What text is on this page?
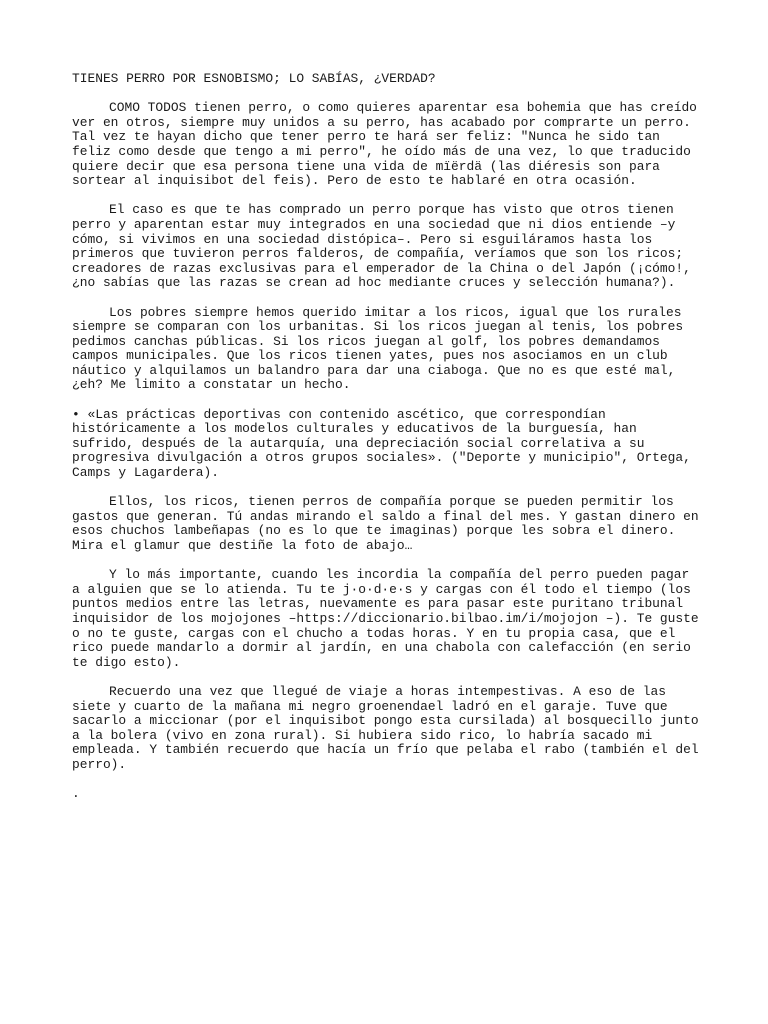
TIENES PERRO POR ESNOBISMO; LO SABÍAS, ¿VERDAD?

COMO TODOS tienen perro, o como quieres aparentar esa bohemia que has creído ver en otros, siempre muy unidos a su perro, has acabado por comprarte un perro. Tal vez te hayan dicho que tener perro te hará ser feliz: "Nunca he sido tan feliz como desde que tengo a mi perro", he oído más de una vez, lo que traducido quiere decir que esa persona tiene una vida de mïërdä (las diéresis son para sortear al inquisibot del feis). Pero de esto te hablaré en otra ocasión.

El caso es que te has comprado un perro porque has visto que otros tienen perro y aparentan estar muy integrados en una sociedad que ni dios entiende –y cómo, si vivimos en una sociedad distópica–. Pero si esguiláramos hasta los primeros que tuvieron perros falderos, de compañía, veríamos que son los ricos; creadores de razas exclusivas para el emperador de la China o del Japón (¡cómo!, ¿no sabías que las razas se crean ad hoc mediante cruces y selección humana?).

Los pobres siempre hemos querido imitar a los ricos, igual que los rurales siempre se comparan con los urbanitas. Si los ricos juegan al tenis, los pobres pedimos canchas públicas. Si los ricos juegan al golf, los pobres demandamos campos municipales. Que los ricos tienen yates, pues nos asociamos en un club náutico y alquilamos un balandro para dar una ciaboga. Que no es que esté mal, ¿eh? Me limito a constatar un hecho.

• «Las prácticas deportivas con contenido ascético, que correspondían históricamente a los modelos culturales y educativos de la burguesía, han sufrido, después de la autarquía, una depreciación social correlativa a su progresiva divulgación a otros grupos sociales». ("Deporte y municipio", Ortega, Camps y Lagardera).

Ellos, los ricos, tienen perros de compañía porque se pueden permitir los gastos que generan. Tú andas mirando el saldo a final del mes. Y gastan dinero en esos chuchos lambeñapas (no es lo que te imaginas) porque les sobra el dinero. Mira el glamur que destiñe la foto de abajo…

Y lo más importante, cuando les incordia la compañía del perro pueden pagar a alguien que se lo atienda. Tu te j·o·d·e·s y cargas con él todo el tiempo (los puntos medios entre las letras, nuevamente es para pasar este puritano tribunal inquisidor de los mojojones –https://diccionario.bilbao.im/i/mojojon –). Te guste o no te guste, cargas con el chucho a todas horas. Y en tu propia casa, que el rico puede mandarlo a dormir al jardín, en una chabola con calefacción (en serio te digo esto).

Recuerdo una vez que llegué de viaje a horas intempestivas. A eso de las siete y cuarto de la mañana mi negro groenendael ladró en el garaje. Tuve que sacarlo a miccionar (por el inquisibot pongo esta cursilada) al bosquecillo junto a la bolera (vivo en zona rural). Si hubiera sido rico, lo habría sacado mi empleada. Y también recuerdo que hacía un frío que pelaba el rabo (también el del perro).

.
